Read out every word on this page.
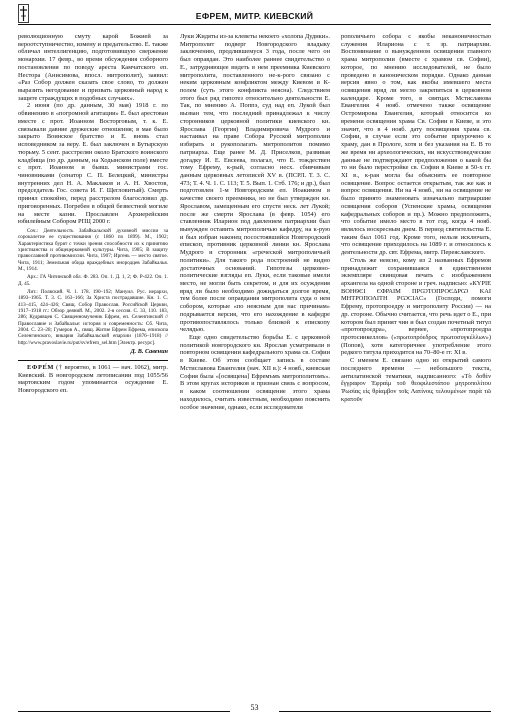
ЕФРЕМ, МИТР. КИЕВСКИЙ

революционную смуту карой Божией за вероотступничество, измену и предательство. Е. также обличал интеллигенцию, подготовившую свержение монархии. 17 февр., во время обсуждения соборного постановления по поводу ареста Камчатского еп. Нестора (Анисимова, впосл. митрополит), заявил: «Раз Собор должен сказать свое слово, то должен выразить негодование и призвать церковный народ к защите страждущих в подобных случаях».

2 июня (по др. данным, 30 мая) 1918 г. по обвинению в «погромной агитации» Е. был арестован вместе с прот. Иоанном Восторговым, т. к. Е. связывали давние дружеские отношения; в мае было закрыто Воинское братство и Е. вновь стал исповедником за веру. Е. был заключен в Бутырскую тюрьму. 5 сент. расстрелян около Братского воинского кладбища (по др. данным, на Ходынском поле) вместе с прот. Иоанном и бывш. министрами гос. чиновниками (сенатор С. П. Белецкий, министры внутренних дел Н. А. Маклаков и А. Н. Хвостов, председатель Гос. совета И. Г. Щегловитый). Смерть принял спокойно, перед расстрелом благословил др. приговоренных. Погребен в общей безвестной могиле на месте казни. Прославлен Архиерейским юбилейным Собором РПЦ 2000 г.

Соч.: Деятельность Забайкальской духовной миссии за сорокалетие ее существования (с 1860 по 1899). М., 1902; Характеристика бурят с точки зрения способности их к принятию христианства и общецерковной культуры. Чита, 1905; В защиту православной противомиссии. Чита, 1907; Иргень — место святое. Чита, 1911; Земельная обида враждебных инородцев Забайкалья. М., 1914.

Арх.: ГА Читинской обл. Ф. 283. Оп. 1. Д. 1, 2; Ф. Р-422. Оп. 1. Д. 45.

Лит.: Полвский. Ч. 1. 178. 190–192; Мануил. Рус. иерархи, 1893–1965. Т. 3. С. 163–166; За Христа пострадавшие. Кн. 1. С. 413–415, 424–426; Свящ. Собор Православ. Российской Церкви, 1917–1918 гг.: Обзор деяний. М., 2002. 2-я сессия. С. 33, 110. 183, 286; Кудрявцев С. Священномученик Ефрем, еп. Селенгинский // Православие и Забайкалье: история и современность: Сб. Чита, 2004. С. 23–28; Гумеров А., свящ. Житие Ефрем Ефрема, епископа Селенгинского, викария Забайкальской епархии (1876–1918) // http://www.pravoslavie.ru/put/sv/efrem_sel.htm [Электр. ресурс].

Д. В. Савенин

ЕФРЕ́М († вероятно, в 1061 — нач. 1062), митр. Киевский. В новгородском летописании под 1055/56 мартовским годом упоминается осуждение Е. Новгородского еп.

Луки Жидяты из-за клеветы некоего «холопа Дудики». Митрополит подверг Новгородского владыку заключению, продлившемуся 3 года, после чего он был оправдан. Это наиболее раннее свидетельство о Е., затрудняющее видеть в нем преемника Киевского митрополита, поставленного не-к-рого связано с неким церковным конфликтом между Киевом и К-полем (суть этого конфликта неясна). Следствием этого был ряд гипотез относительно деятельности Е. Так, по мнению А. Поппэ, суд над еп. Лукой был вызван тем, что последний принадлежал к числу сторонников церковной политики киевского кн. Ярослава (Георгия) Владимировича Мудрого и настаивал на праве Собора Русской митрополии избирать и рукополагать митрополитов помимо патриарха. Еще ранее М. Д. Приселков, развивая догадку И. Е. Евсеева, полагал, что Е. тождествен тому Ефрему, к-рый, согласно несх. сбивчивым данным церковных летописей XV в. (ПСРЛ. Т. 3. С. 473; Т. 4. Ч. 1. С. 113; Т. 5. Вып. 1. Стб. 176; и др.), был подготовлен 1-м Новгородским еп. Иоакимом в качестве своего преемника, но не был утвержден кн. Ярославом, замещенным его спустя неск. лет Лукой; после же смерти Ярослава (в февр. 1054) его ставленник Иларион под давлением патриархии был вынужден оставить митрополичью кафедру, на к-рую и был избран наконец посостоявшийся Новгородский епископ, противник церковной линии кн. Ярослава Мудрого и сторонник «греческой митрополичьей политики». Для такого рода построений не видно достаточных оснований. Гипотезы церковно-политические взгляды еп. Луки, если таковые имели место, не могли быть секретом, и для их осуждения вряд ли было необходимо дожидаться долгое время, тем более после оправдания митрополита суда о нем собором, которые «по неясным для нас причинам» подрывается версия, что его нахождение в кафедре противопоставлялось только близкой к епископу челядью.

Еще одно свидетельство борьбы Е. с церковной политикой новгородского кн. Ярослав усматривали в повторном освящении кафедрального храма св. Софии в Киеве. Об этом сообщает запись в составе Мстиславова Евангелия (нач. XII в.): 4 нояб., киевская София была «[освящена] Ефремъмъ митрополитомъ». В этом кругах историков и признан связь с вопросом, в каком соотношении освящение этого храма находилось, считать известным, необходимо пояснить особое значение, однако, если исследователи

рополичьего собора с якобы неканоничностью служения Илариона с т. зр. патриархии. Воспоминание о вынужденном освящении главного храма митрополии (вместе с храмом св. Софии), которое, по мнению исследователей, не было проведено в каноническом порядке. Однако данная версия явно о том, как якобы имевшего места освящения вряд ли могло закрепиться в церковном календаре. Кроме того, в святцах Мстиславова Евангелия 4 нояб. отмечено также освящение Остромирова Евангелия, который относится ко времени освящения храма Св. Софии в Киеве, и это значит, что в 4 нояб. дату посвящения храма св. Софии, в случае если это событие приурочено к храму, дан в Прологе, хотя и без указания на Е. В то же время ни археологических, ни искусствоведческие данные не подтверждают предположения о какой бы то ни было перестройке св. Софии в Киеве в 50-х гг. XI в., к-рая могла бы объяснить ее повторное освящение. Вопрос остается открытым, так же как и вопрос освящения. Ни на 4 нояб., ни на освящение не было принято знаменовать изначально патриаршие освящения соборов (Успенские храмы, освящения кафедральных соборов и пр.). Можно предположить, что событие имело место в тот год, когда 4 нояб. являлось воскресным днем. В период святительства Е. таким был 1061 год. Кроме того, нельзя исключать, что освящение приходилось на 1089 г. и относилось к деятельности др. свт. Ефрема, митр. Переяславского.

Столь же неясно, кому из 2 названных Ефремов принадлежит сохранившаяся в единственном экземпляре свинцовая печать с изображением архангела на одной стороне и греч. надписью: «КҮРІЕ ВОНѲЄІ ЄΦРАΙΜ ПРѠТОΠРОЄΔРѠ ΚΑΙ ΜΗΤΡΟΠΟΛΙΤΗ ΡѠСΙΑС» (Господи, помоги Ефрему, протопроедру и митрополиту России) — на др. стороне. Обычно считается, что речь идет о Е., при котором был принят чин и был создан почетный титул «протопроедра», вернее, «протопроедра протосинкеллов» («πρωτοπρόεδρος πρωτοσυγκέλλων») (Попов), хотя категоричнее употребление этого редкого титула приходится на 70–80-е гг. XI в.

С именем Е. связано одно из открытий самого последнего времени — небольшого текста, антилатинской тематики, надписанного: «Τὸ δοθὲν ἔγγραφον Ἐφραὶμ τοῦ θεοφιλεστάτου μητροπολίτου Ῥωσίας εἰς θρίαμβον τοῖς Λατίνοις τελουμένων παρὰ τῶ κρατοῦν

53
